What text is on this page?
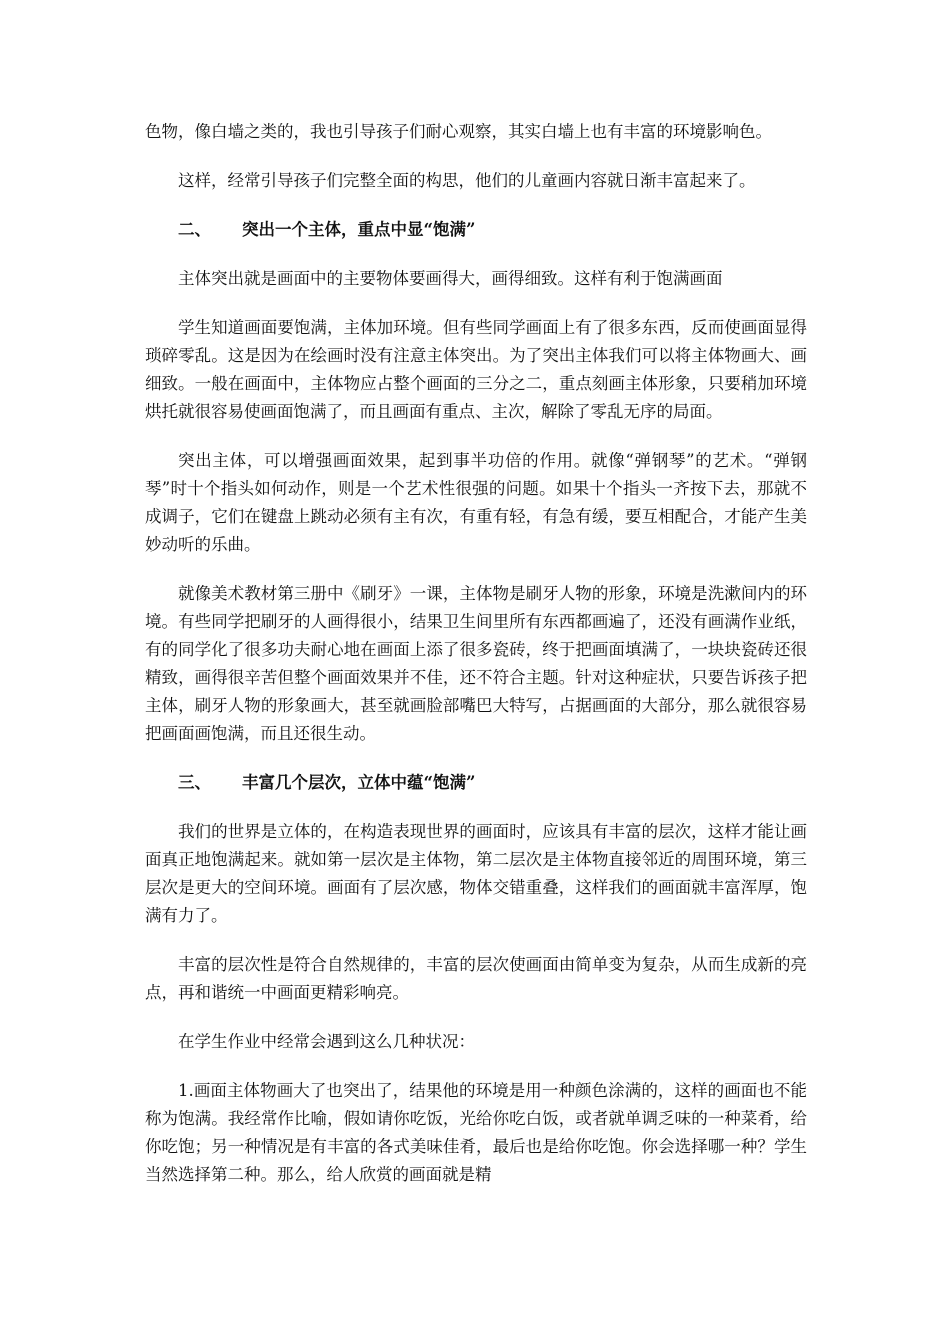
色物，像白墙之类的，我也引导孩子们耐心观察，其实白墙上也有丰富的环境影响色。

这样，经常引导孩子们完整全面的构思，他们的儿童画内容就日渐丰富起来了。

二、 突出一个主体，重点中显“饱满”

主体突出就是画面中的主要物体要画得大，画得细致。这样有利于饱满画面

学生知道画面要饱满，主体加环境。但有些同学画面上有了很多东西，反而使画面显得琐碎零乱。这是因为在绘画时没有注意主体突出。为了突出主体我们可以将主体物画大、画细致。一般在画面中，主体物应占整个画面的三分之二，重点刻画主体形象，只要稍加环境烘托就很容易使画面饱满了，而且画面有重点、主次，解除了零乱无序的局面。

突出主体，可以增强画面效果，起到事半功倍的作用。就像“弹钢琴”的艺术。“弹钢琴”时十个指头如何动作，则是一个艺术性很强的问题。如果十个指头一齐按下去，那就不成调子，它们在键盘上跳动必须有主有次，有重有轻，有急有缓，要互相配合，才能产生美妙动听的乐曲。

就像美术教材第三册中《刷牙》一课，主体物是刷牙人物的形象，环境是洗漱间内的环境。有些同学把刷牙的人画得很小，结果卫生间里所有东西都画遍了，还没有画满作业纸，有的同学化了很多功夫耐心地在画面上添了很多瓷砖，终于把画面填满了，一块块瓷砖还很精致，画得很辛苦但整个画面效果并不佳，还不符合主题。针对这种症状，只要告诉孩子把主体，刷牙人物的形象画大，甚至就画脸部嘴巴大特写，占据画面的大部分，那么就很容易把画面画饱满，而且还很生动。

三、 丰富几个层次，立体中蕴“饱满”

我们的世界是立体的，在构造表现世界的画面时，应该具有丰富的层次，这样才能让画面真正地饱满起来。就如第一层次是主体物，第二层次是主体物直接邻近的周围环境，第三层次是更大的空间环境。画面有了层次感，物体交错重叠，这样我们的画面就丰富浑厚，饱满有力了。

丰富的层次性是符合自然规律的，丰富的层次使画面由简单变为复杂，从而生成新的亮点，再和谐统一中画面更精彩响亮。

在学生作业中经常会遇到这么几种状况：

1.画面主体物画大了也突出了，结果他的环境是用一种颜色涂满的，这样的画面也不能称为饱满。我经常作比喻，假如请你吃饭，光给你吃白饭，或者就单调乏味的一种菜肴，给你吃饱；另一种情况是有丰富的各式美味佳肴，最后也是给你吃饱。你会选择哪一种？学生当然选择第二种。那么，给人欣赏的画面就是精
